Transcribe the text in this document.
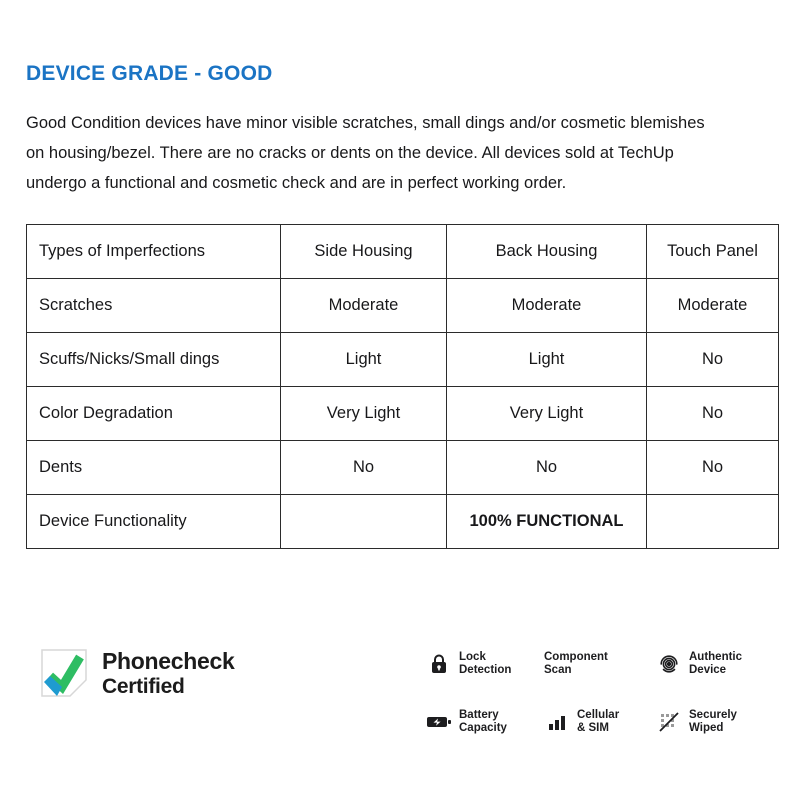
DEVICE GRADE - GOOD

Good Condition devices have minor visible scratches, small dings and/or cosmetic blemishes on housing/bezel. There are no cracks or dents on the device. All devices sold at TechUp undergo a functional and cosmetic check and are in perfect working order.

Types of Imperfections	Side Housing	Back Housing	Touch Panel
Scratches	Moderate	Moderate	Moderate
Scuffs/Nicks/Small dings	Light	Light	No
Color Degradation	Very Light	Very Light	No
Dents	No	No	No
Device Functionality		100% FUNCTIONAL	
Phonecheck
Certified
Lock
Detection
Component
Scan
Authentic
Device
Battery
Capacity
Cellular
& SIM
Securely
Wiped
